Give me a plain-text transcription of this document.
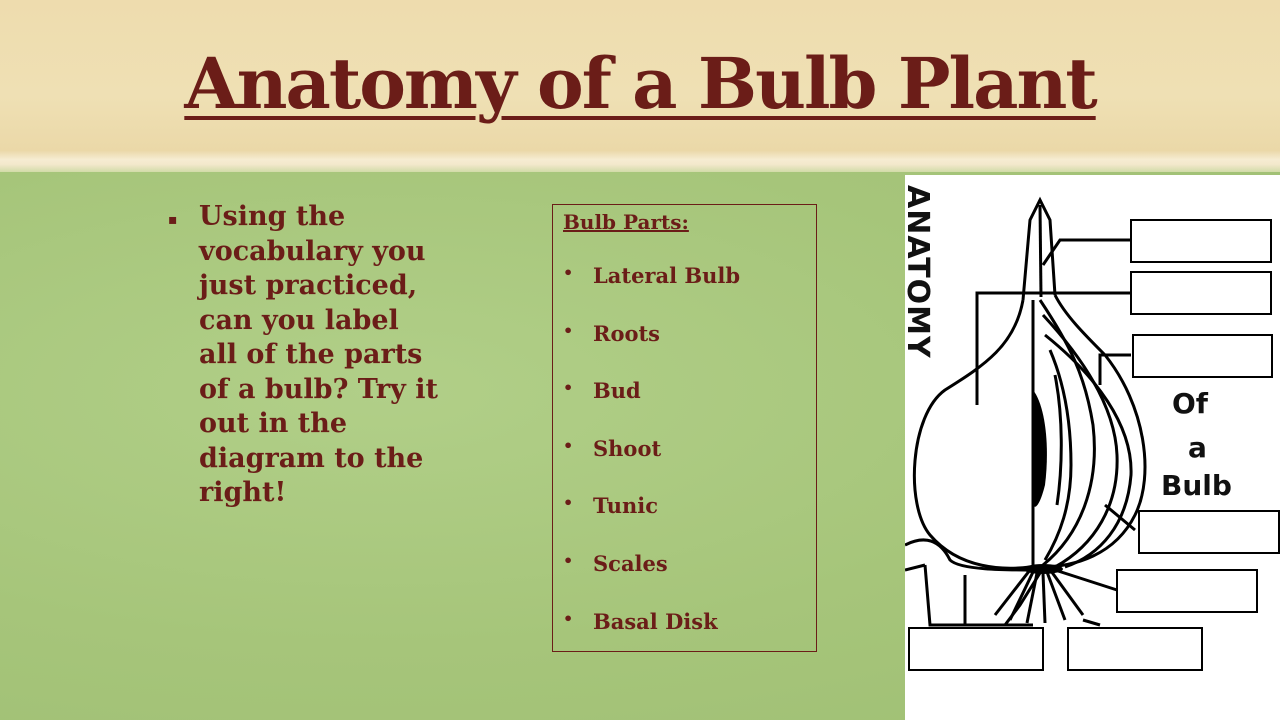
Anatomy of a Bulb Plant
▪ Using the vocabulary you just practiced, can you label all of the parts of a bulb? Try it out in the diagram to the right!
Bulb Parts:
• Lateral Bulb
• Roots
• Bud
• Shoot
• Tunic
• Scales
• Basal Disk
ANATOMY
Of
a
Bulb
